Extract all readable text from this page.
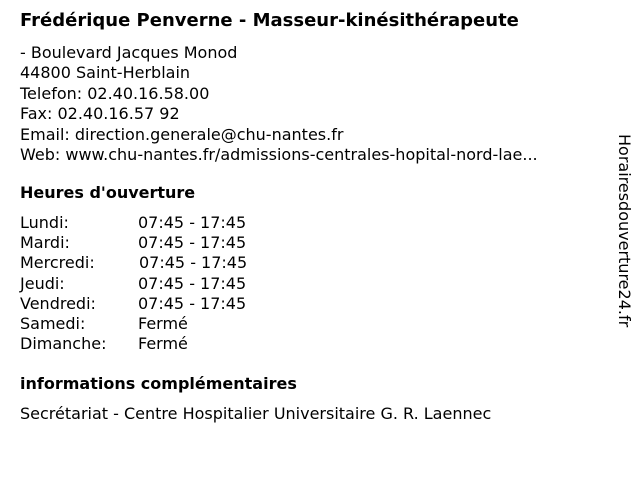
Frédérique Penverne - Masseur-kinésithérapeute
- Boulevard Jacques Monod
44800 Saint-Herblain
Telefon: 02.40.16.58.00
Fax: 02.40.16.57 92
Email: direction.generale@chu-nantes.fr
Web: www.chu-nantes.fr/admissions-centrales-hopital-nord-lae...
Heures d'ouverture
Lundi:	07:45 - 17:45
Mardi:	07:45 - 17:45
Mercredi:	07:45 - 17:45
Jeudi:	07:45 - 17:45
Vendredi:	07:45 - 17:45
Samedi:	Fermé
Dimanche: Fermé
informations complémentaires
Secrétariat - Centre Hospitalier Universitaire G. R. Laennec
Horairesdouverture24.fr
